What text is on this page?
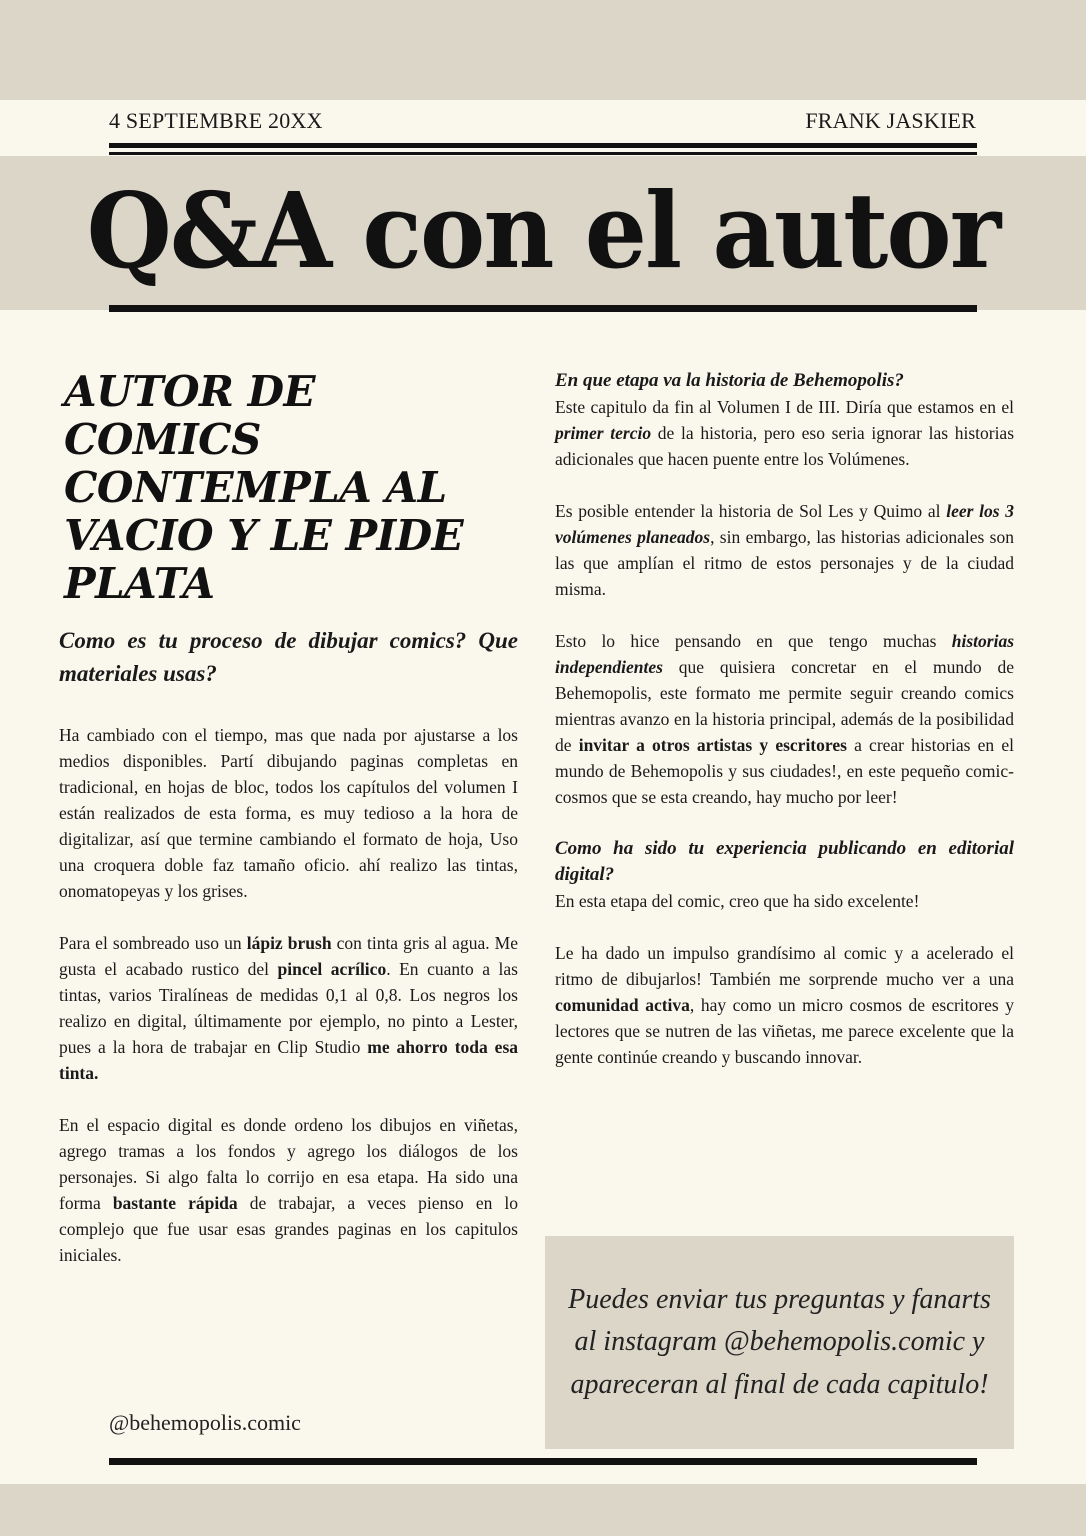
4 SEPTIEMBRE 20XX	FRANK JASKIER
Q&A con el autor
AUTOR DE COMICS CONTEMPLA AL VACIO Y LE PIDE PLATA
Como es tu proceso de dibujar comics? Que materiales usas?

Ha cambiado con el tiempo, mas que nada por ajustarse a los medios disponibles. Partí dibujando paginas completas en tradicional, en hojas de bloc, todos los capítulos del volumen I están realizados de esta forma, es muy tedioso a la hora de digitalizar, así que termine cambiando el formato de hoja, Uso una croquera doble faz tamaño oficio. ahí realizo las tintas, onomatopeyas y los grises.

Para el sombreado uso un lápiz brush con tinta gris al agua. Me gusta el acabado rustico del pincel acrílico. En cuanto a las tintas, varios Tiralíneas de medidas 0,1 al 0,8. Los negros los realizo en digital, últimamente por ejemplo, no pinto a Lester, pues a la hora de trabajar en Clip Studio me ahorro toda esa tinta.

En el espacio digital es donde ordeno los dibujos en viñetas, agrego tramas a los fondos y agrego los diálogos de los personajes. Si algo falta lo corrijo en esa etapa. Ha sido una forma bastante rápida de trabajar, a veces pienso en lo complejo que fue usar esas grandes paginas en los capitulos iniciales.

En que etapa va la historia de Behemopolis?

Este capitulo da fin al Volumen I de III. Diría que estamos en el primer tercio de la historia, pero eso seria ignorar las historias adicionales que hacen puente entre los Volúmenes.

Es posible entender la historia de Sol Les y Quimo al leer los 3 volúmenes planeados, sin embargo, las historias adicionales son las que amplían el ritmo de estos personajes y de la ciudad misma.

Esto lo hice pensando en que tengo muchas historias independientes que quisiera concretar en el mundo de Behemopolis, este formato me permite seguir creando comics mientras avanzo en la historia principal, además de la posibilidad de invitar a otros artistas y escritores a crear historias en el mundo de Behemopolis y sus ciudades!, en este pequeño comic-cosmos que se esta creando, hay mucho por leer!

Como ha sido tu experiencia publicando en editorial digital?

En esta etapa del comic, creo que ha sido excelente!

Le ha dado un impulso grandísimo al comic y a acelerado el ritmo de dibujarlos! También me sorprende mucho ver a una comunidad activa, hay como un micro cosmos de escritores y lectores que se nutren de las viñetas, me parece excelente que la gente continúe creando y buscando innovar.

Puedes enviar tus preguntas y fanarts al instagram @behemopolis.comic y apareceran al final de cada capitulo!
@behemopolis.comic
